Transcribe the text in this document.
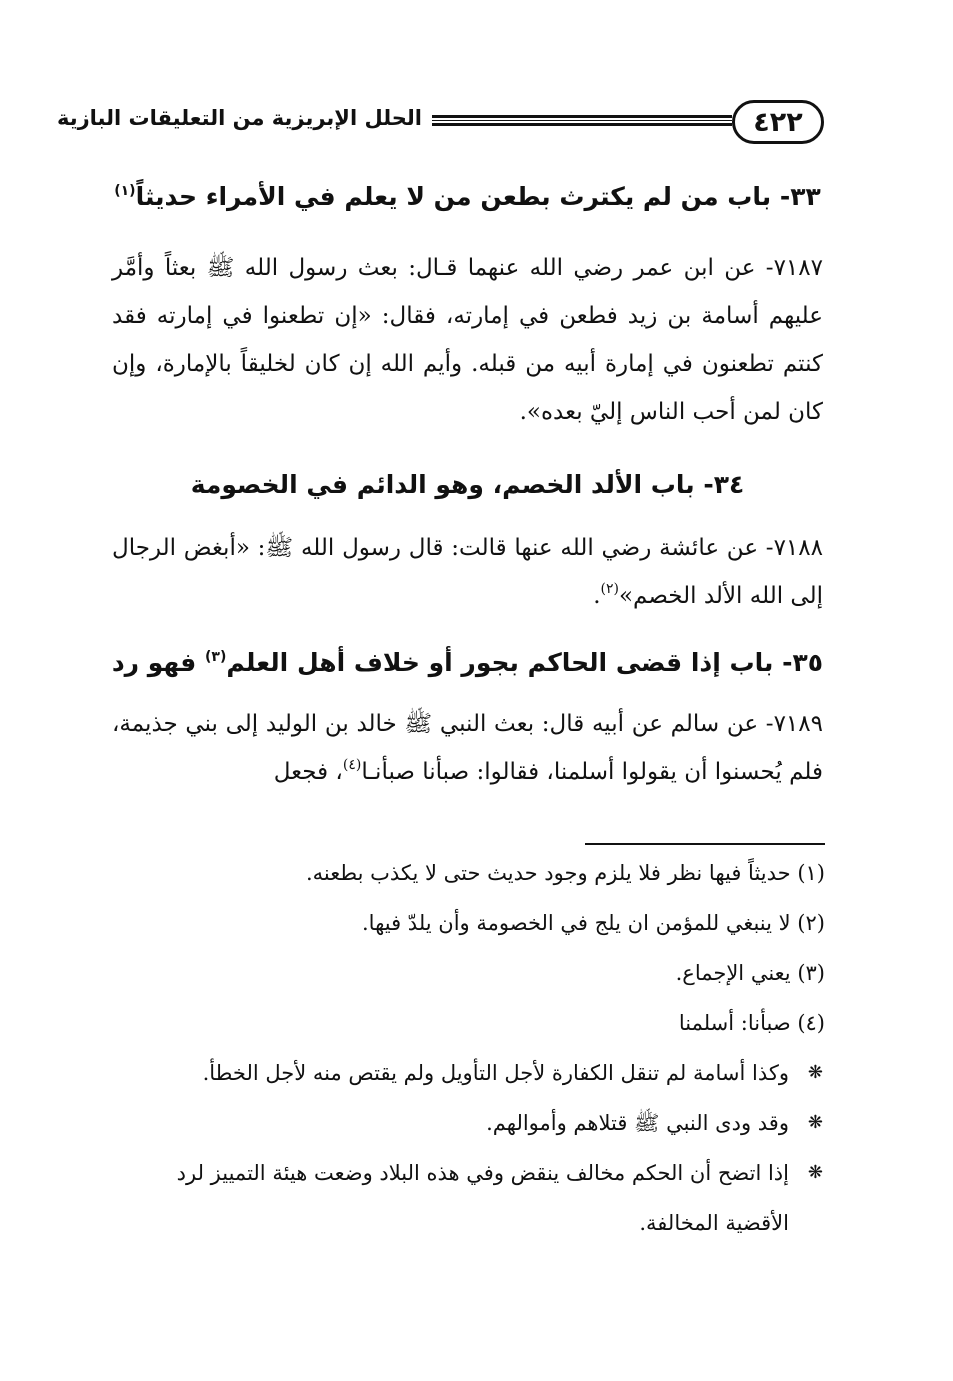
٤٢٢
الحلل الإبريزية من التعليقات البازية
٣٣- باب من لم يكترث بطعن من لا يعلم في الأمراء حديثاً$^{(١)}$
٧١٨٧- عن ابن عمر رضي الله عنهما قـال: بعث رسول الله ﷺ بعثاً وأمَّر عليهم أسامة بن زيد فطعن في إمارته، فقال: «إن تطعنوا في إمارته فقد كنتم تطعنون في إمارة أبيه من قبله. وأيم الله إن كان لخليقاً بالإمارة، وإن كان لمن أحب الناس إليّ بعده».
٣٤- باب الألد الخصم، وهو الدائم في الخصومة
٧١٨٨- عن عائشة رضي الله عنها قالت: قال رسول الله ﷺ: «أبغض الرجال إلى الله الألد الخصم»$^{(٢)}$.
٣٥- باب إذا قضى الحاكم بجور أو خلاف أهل العلم$^{(٣)}$ فهو رد
٧١٨٩- عن سالم عن أبيه قال: بعث النبي ﷺ خالد بن الوليد إلى بني جذيمة، فلم يُحسنوا أن يقولوا أسلمنا، فقالوا: صبأنا صبأنـا$^{(٤)}$، فجعل
(١) حديثاً فيها نظر فلا يلزم وجود حديث حتى لا يكذب بطعنه.
(٢) لا ينبغي للمؤمن ان يلج في الخصومة وأن يلدّ فيها.
(٣) يعني الإجماع.
(٤) صبأنا: أسلمنا
❋ وكذا أسامة لم تنقل الكفارة لأجل التأويل ولم يقتص منه لأجل الخطأ.
❋ وقد ودى النبي ﷺ قتلاهم وأموالهم.
❋ إذا اتضح أن الحكم مخالف ينقض وفي هذه البلاد وضعت هيئة التمييز لرد الأقضية المخالفة.
